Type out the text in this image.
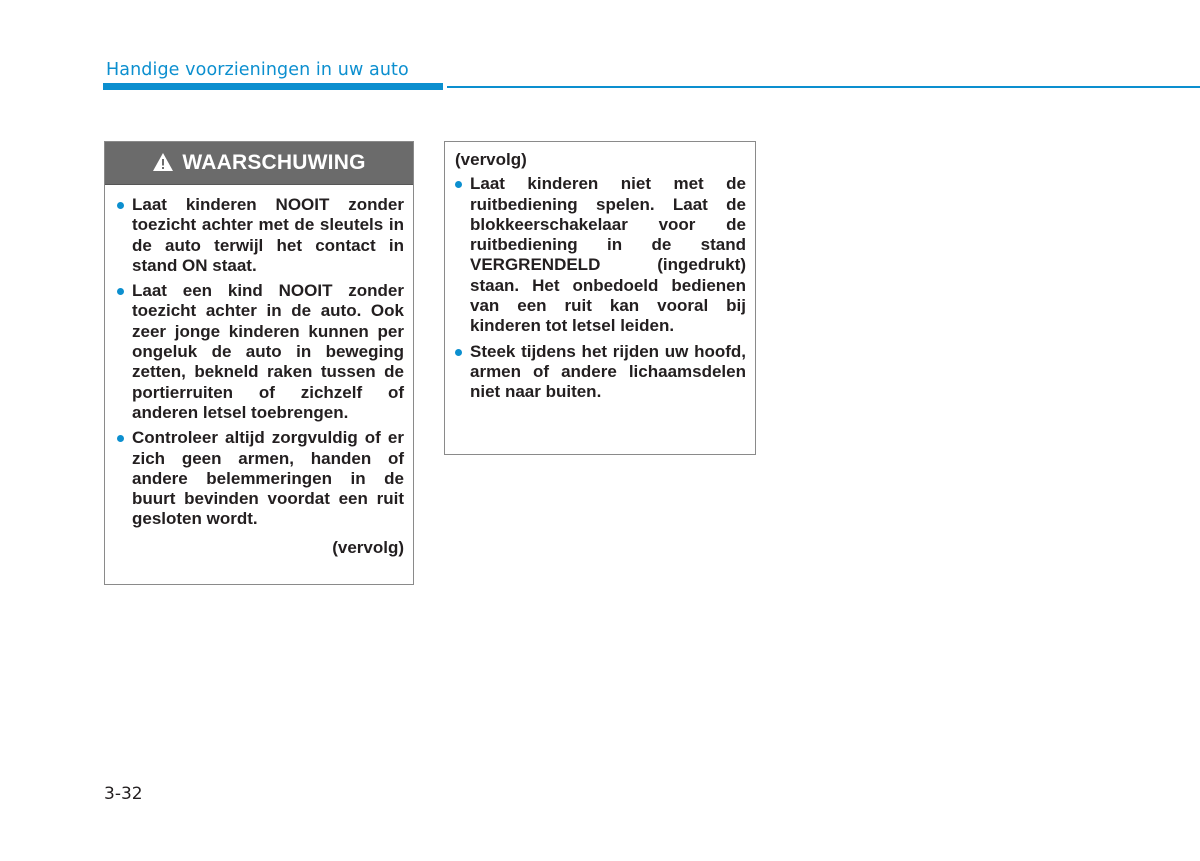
Handige voorzieningen in uw auto
WAARSCHUWING
Laat kinderen NOOIT zonder toezicht achter met de sleutels in de auto terwijl het contact in stand ON staat.
Laat een kind NOOIT zonder toezicht achter in de auto. Ook zeer jonge kinderen kunnen per ongeluk de auto in beweging zetten, bekneld raken tussen de portierruiten of zichzelf of anderen letsel toebrengen.
Controleer altijd zorgvuldig of er zich geen armen, handen of andere belemmeringen in de buurt bevinden voordat een ruit gesloten wordt.
(vervolg)
(vervolg)
Laat kinderen niet met de ruitbediening spelen. Laat de blokkeerschakelaar voor de ruitbediening in de stand VERGRENDELD (ingedrukt) staan. Het onbedoeld bedienen van een ruit kan vooral bij kinderen tot letsel leiden.
Steek tijdens het rijden uw hoofd, armen of andere lichaamsdelen niet naar buiten.
3-32
